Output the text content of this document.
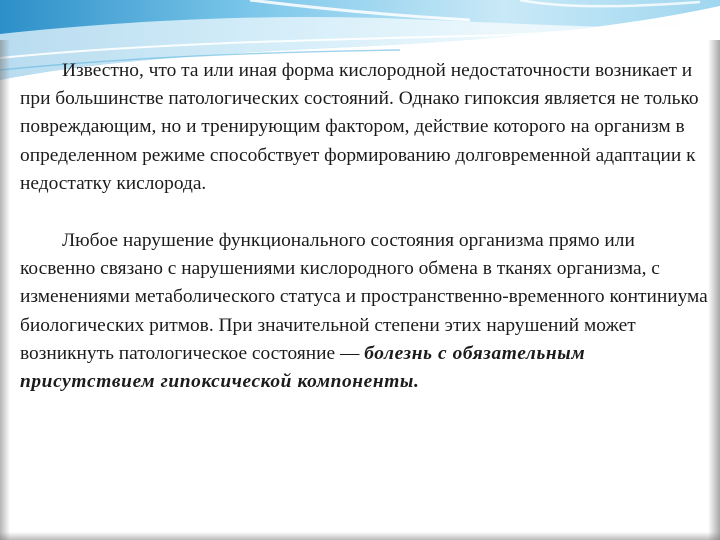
Известно, что та или иная форма кислородной недостаточности возникает и при большинстве патологических состояний. Однако гипоксия является не только повреждающим, но и тренирующим фактором, действие которого на организм в определенном режиме способствует формированию долговременной адаптации к недостатку кислорода.

Любое нарушение функционального состояния организма прямо или косвенно связано с нарушениями кислородного обмена в тканях организма, с изменениями метаболического статуса и пространственно-временного континиума биологических ритмов. При значительной степени этих нарушений может возникнуть патологическое состояние — болезнь с обязательным присутствием гипоксической компоненты.
